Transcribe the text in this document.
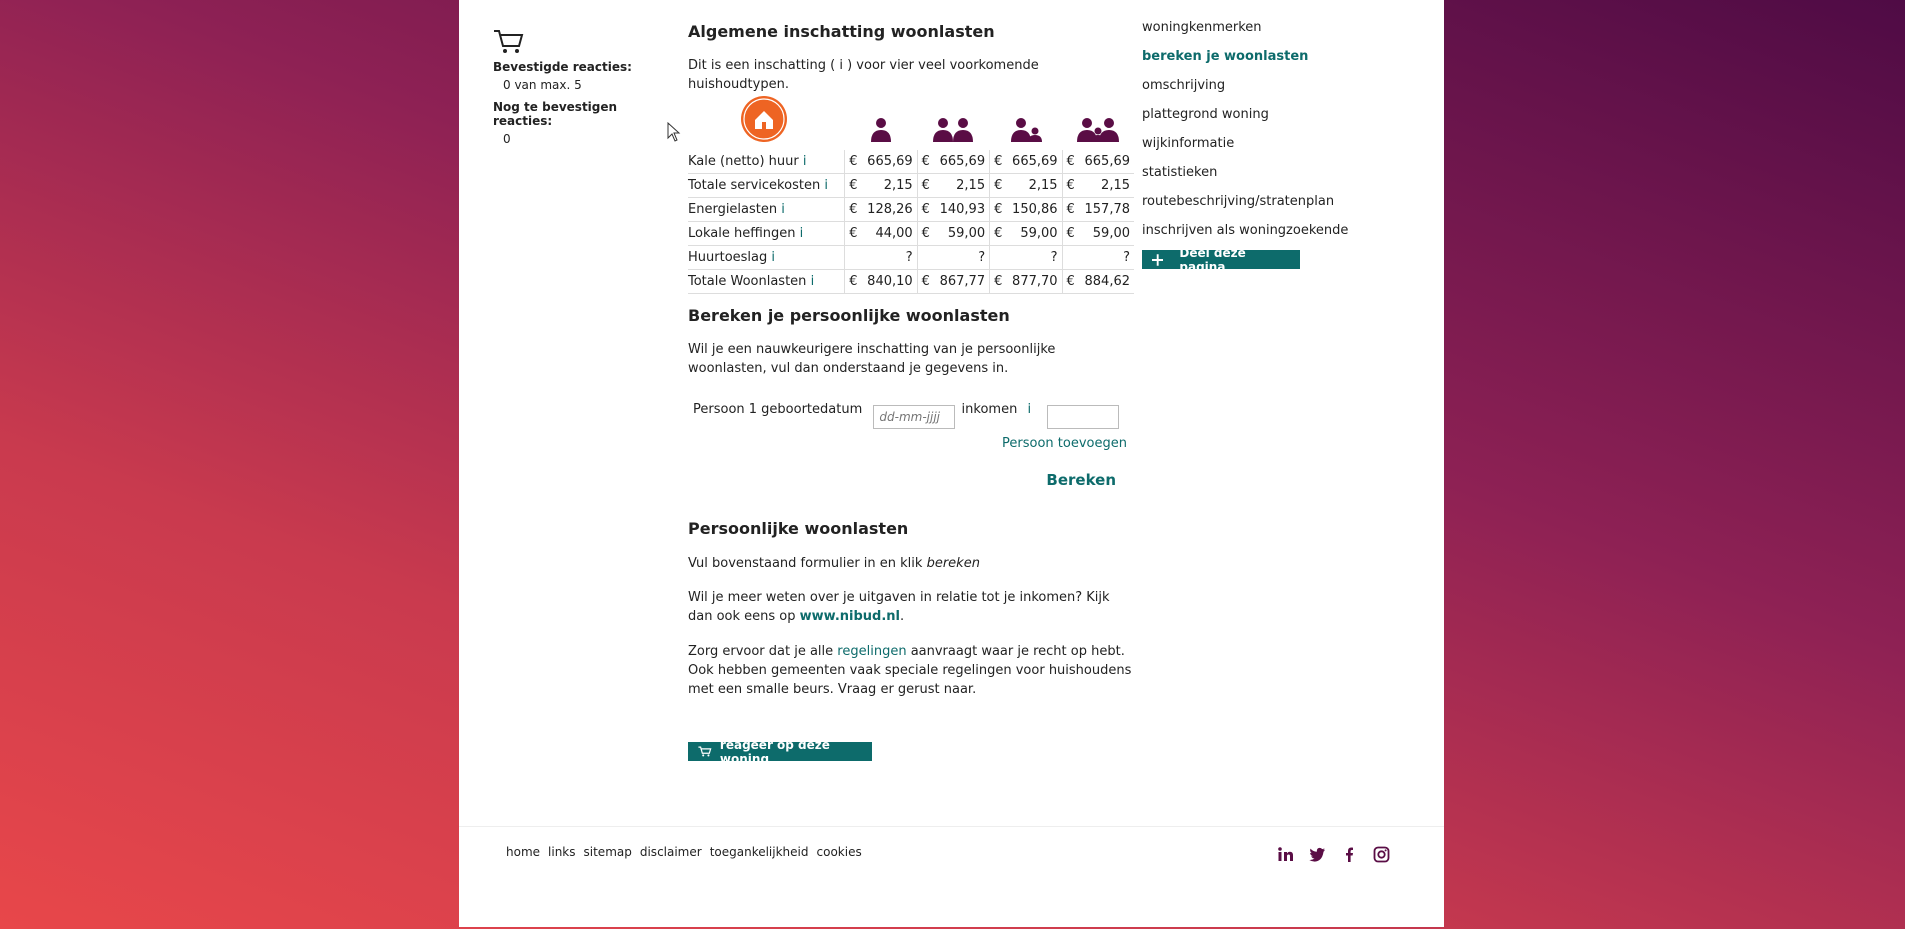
Bevestigde reacties:
0 van max. 5
Nog te bevestigen reacties:
0
Algemene inschatting woonlasten

Dit is een inschatting ( i ) voor vier veel voorkomende huishoudtypen.

Kale (netto) huur i	€ 665,69	€ 665,69	€ 665,69	€ 665,69
Totale servicekosten i	€ 2,15	€ 2,15	€ 2,15	€ 2,15
Energielasten i	€ 128,26	€ 140,93	€ 150,86	€ 157,78
Lokale heffingen i	€ 44,00	€ 59,00	€ 59,00	€ 59,00
Huurtoeslag i	?	?	?	?
Totale Woonlasten i	€ 840,10	€ 867,77	€ 877,70	€ 884,62
Bereken je persoonlijke woonlasten

Wil je een nauwkeurigere inschatting van je persoonlijke woonlasten, vul dan onderstaand je gegevens in.

Persoon 1 geboortedatum dd-mm-jjjj	inkomen i
Persoon toevoegen
Bereken
Persoonlijke woonlasten

Vul bovenstaand formulier in en klik bereken

Wil je meer weten over je uitgaven in relatie tot je inkomen? Kijk dan ook eens op www.nibud.nl.

Zorg ervoor dat je alle regelingen aanvraagt waar je recht op hebt. Ook hebben gemeenten vaak speciale regelingen voor huishoudens met een smalle beurs. Vraag er gerust naar.

reageer op deze woning
woningkenmerken
bereken je woonlasten
omschrijving
plattegrond woning
wijkinformatie
statistieken
routebeschrijving/stratenplan
inschrijven als woningzoekende
Deel deze pagina
home links sitemap disclaimer toegankelijkheid cookies
